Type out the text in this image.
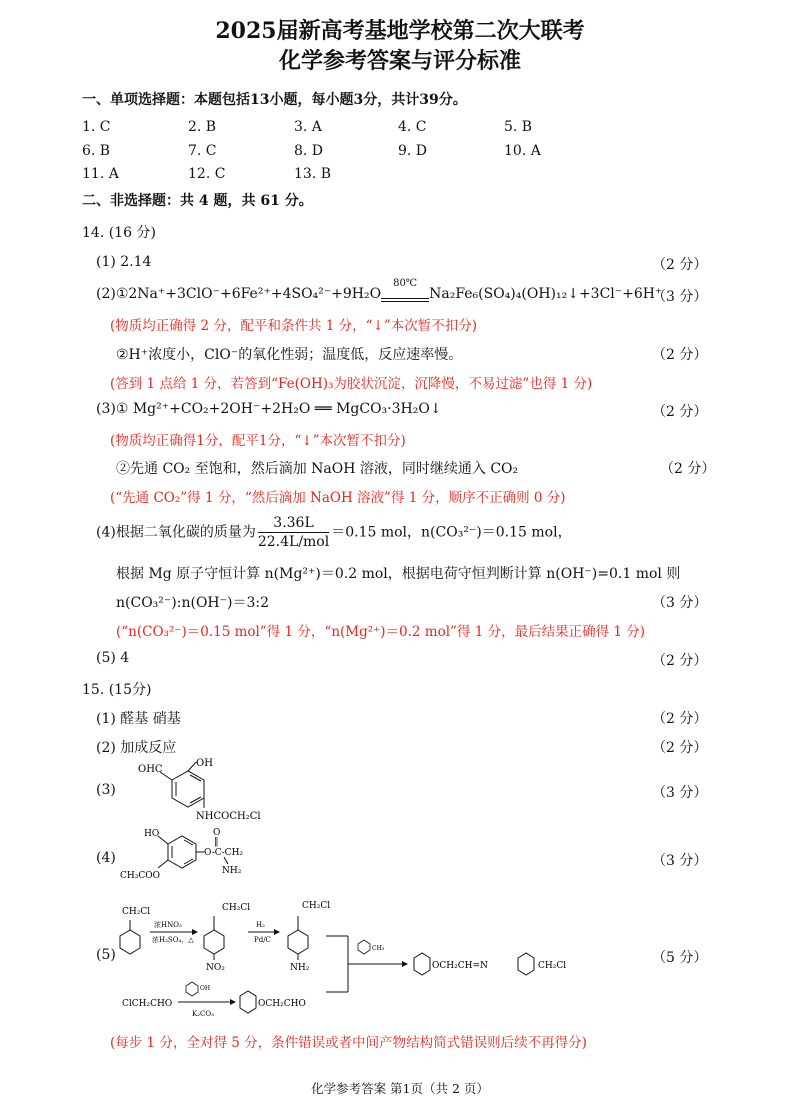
2025届新高考基地学校第二次大联考
化学参考答案与评分标准
一、单项选择题：本题包括13小题，每小题3分，共计39分。
1. C	2. B	3. A	4. C	5. B
6. B	7. C	8. D	9. D	10. A
11. A	12. C	13. B
二、非选择题：共 4 题，共 61 分。
14. (16 分)
(1) 2.14	（2 分）
(2)①2Na⁺+3ClO⁻+6Fe²⁺+4SO₄²⁻+9H₂O
80℃
Na₂Fe₆(SO₄)₄(OH)₁₂↓+3Cl⁻+6H⁺
（3 分）
(物质均正确得 2 分，配平和条件共 1 分，“↓”本次暂不扣分)
②H⁺浓度小，ClO⁻的氧化性弱；温度低，反应速率慢。	（2 分）
(答到 1 点给 1 分，若答到“Fe(OH)₃为胶状沉淀，沉降慢，不易过滤”也得 1 分)
(3)① Mg²⁺+CO₂+2OH⁻+2H₂O ══ MgCO₃·3H₂O↓	（2 分）
(物质均正确得1分，配平1分，“↓”本次暂不扣分)
②先通 CO₂ 至饱和，然后滴加 NaOH 溶液，同时继续通入 CO₂	（2 分）
(“先通 CO₂”得 1 分，“然后滴加 NaOH 溶液”得 1 分，顺序不正确则 0 分)
(4)根据二氧化碳的质量为 $\frac{3.36L}{\text{22.4L/mol}} =0.15$ mol，n(CO₃²⁻)＝0.15 mol，
根据 Mg 原子守恒计算 n(Mg²⁺)＝0.2 mol，根据电荷守恒判断计算 n(OH⁻)=0.1 mol 则
n(CO₃²⁻):n(OH⁻)＝3:2	（3 分）
(“n(CO₃²⁻)＝0.15 mol”得 1 分，“n(Mg²⁺)＝0.2 mol”得 1 分，最后结果正确得 1 分)
(5) 4	（2 分）
15. (15分)
(1) 醛基 硝基	（2 分）
(2) 加成反应	（2 分）
(3)	（3 分）
OHC
OH
NHCOCH₂Cl
(4)	（3 分）
HO	O
‖
O-C-CH₂
NH₂
CH₃COO
(5)	（5 分）
CH₂Cl
浓HNO₃
浓H₂SO₄，△
CH₂Cl
NO₂
H₂
Pd/C
CH₂Cl
NH₂
CH₃
OCH₂CH=N	CH₂Cl
ClCH₂CHO
OH
K₂CO₃
OCH₂CHO
(每步 1 分，全对得 5 分，条件错误或者中间产物结构简式错误则后续不再得分)
化学参考答案 第1页（共 2 页）
